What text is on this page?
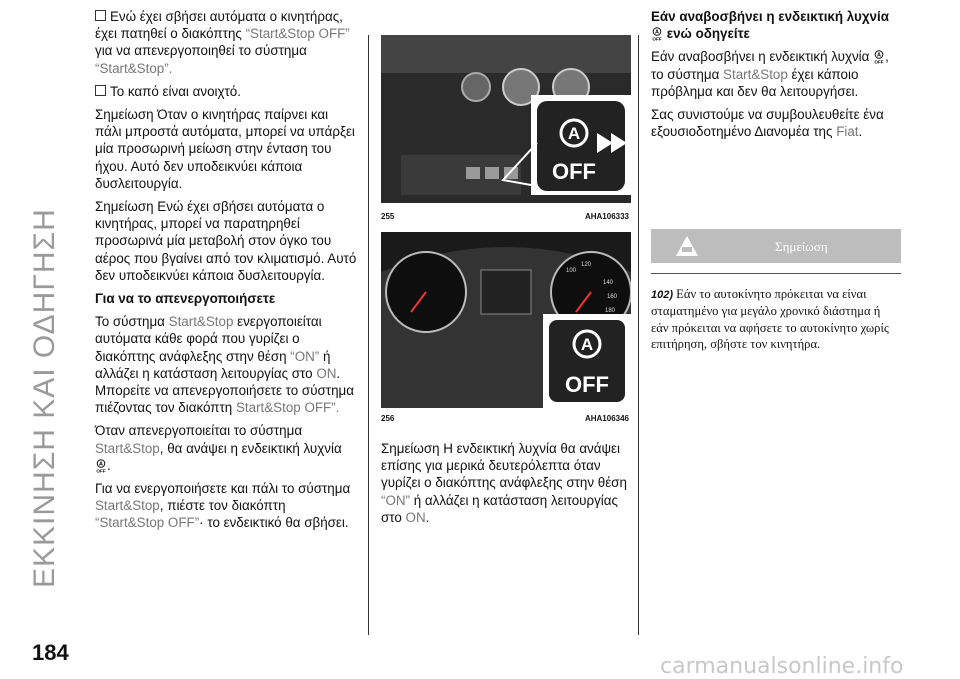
ΕΚΚΙΝΗΣΗ ΚΑΙ ΟΔΗΓΗΣΗ

Ενώ έχει σβήσει αυτόματα ο κινητήρας, έχει πατηθεί ο διακόπτης “Start&Stop OFF” για να απενεργοποιηθεί το σύστημα “Start&Stop”.

Το καπό είναι ανοιχτό.

Σημείωση Όταν ο κινητήρας παίρνει και πάλι μπροστά αυτόματα, μπορεί να υπάρξει μία προσωρινή μείωση στην ένταση του ήχου. Αυτό δεν υποδεικνύει κάποια δυσλειτουργία.

Σημείωση Ενώ έχει σβήσει αυτόματα ο κινητήρας, μπορεί να παρατηρηθεί προσωρινά μία μεταβολή στον όγκο του αέρος που βγαίνει από τον κλιματισμό. Αυτό δεν υποδεικνύει κάποια δυσλειτουργία.

Για να το απενεργοποιήσετε

Το σύστημα Start&Stop ενεργοποιείται αυτόματα κάθε φορά που γυρίζει ο διακόπτης ανάφλεξης στην θέση “ON” ή αλλάζει η κατάσταση λειτουργίας στο ON. Μπορείτε να απενεργοποιήσετε το σύστημα πιέζοντας τον διακόπτη Start&Stop OFF”.

Όταν απενεργοποιείται το σύστημα Start&Stop, θα ανάψει η ενδεικτική λυχνία
A
OFF .

Για να ενεργοποιήσετε και πάλι το σύστημα Start&Stop, πιέστε τον διακόπτη “Start&Stop OFF”· το ενδεικτικό θα σβήσει.

A
OFF
255	AHA106333
100
120
140
160
180
A
OFF
256	AHA106346

Σημείωση Η ενδεικτική λυχνία θα ανάψει επίσης για μερικά δευτερόλεπτα όταν γυρίζει ο διακόπτης ανάφλεξης στην θέση “ON” ή αλλάζει η κατάσταση λειτουργίας στο ON.

Εάν αναβοσβήνει η ενδεικτική λυχνία

A
OFF ενώ οδηγείτε

Εάν αναβοσβήνει η ενδεικτική λυχνία A
OFF , το σύστημα Start&Stop έχει κάποιο πρόβλημα και δεν θα λειτουργήσει.

Σας συνιστούμε να συμβουλευθείτε ένα εξουσιοδοτημένο Διανομέα της Fiat.

Σημείωση
102) Εάν το αυτοκίνητο πρόκειται να είναι σταματημένο για μεγάλο χρονικό διάστημα ή εάν πρόκειται να αφήσετε το αυτοκίνητο χωρίς επιτήρηση, σβήστε τον κινητήρα.
184
carmanualsonline.info
